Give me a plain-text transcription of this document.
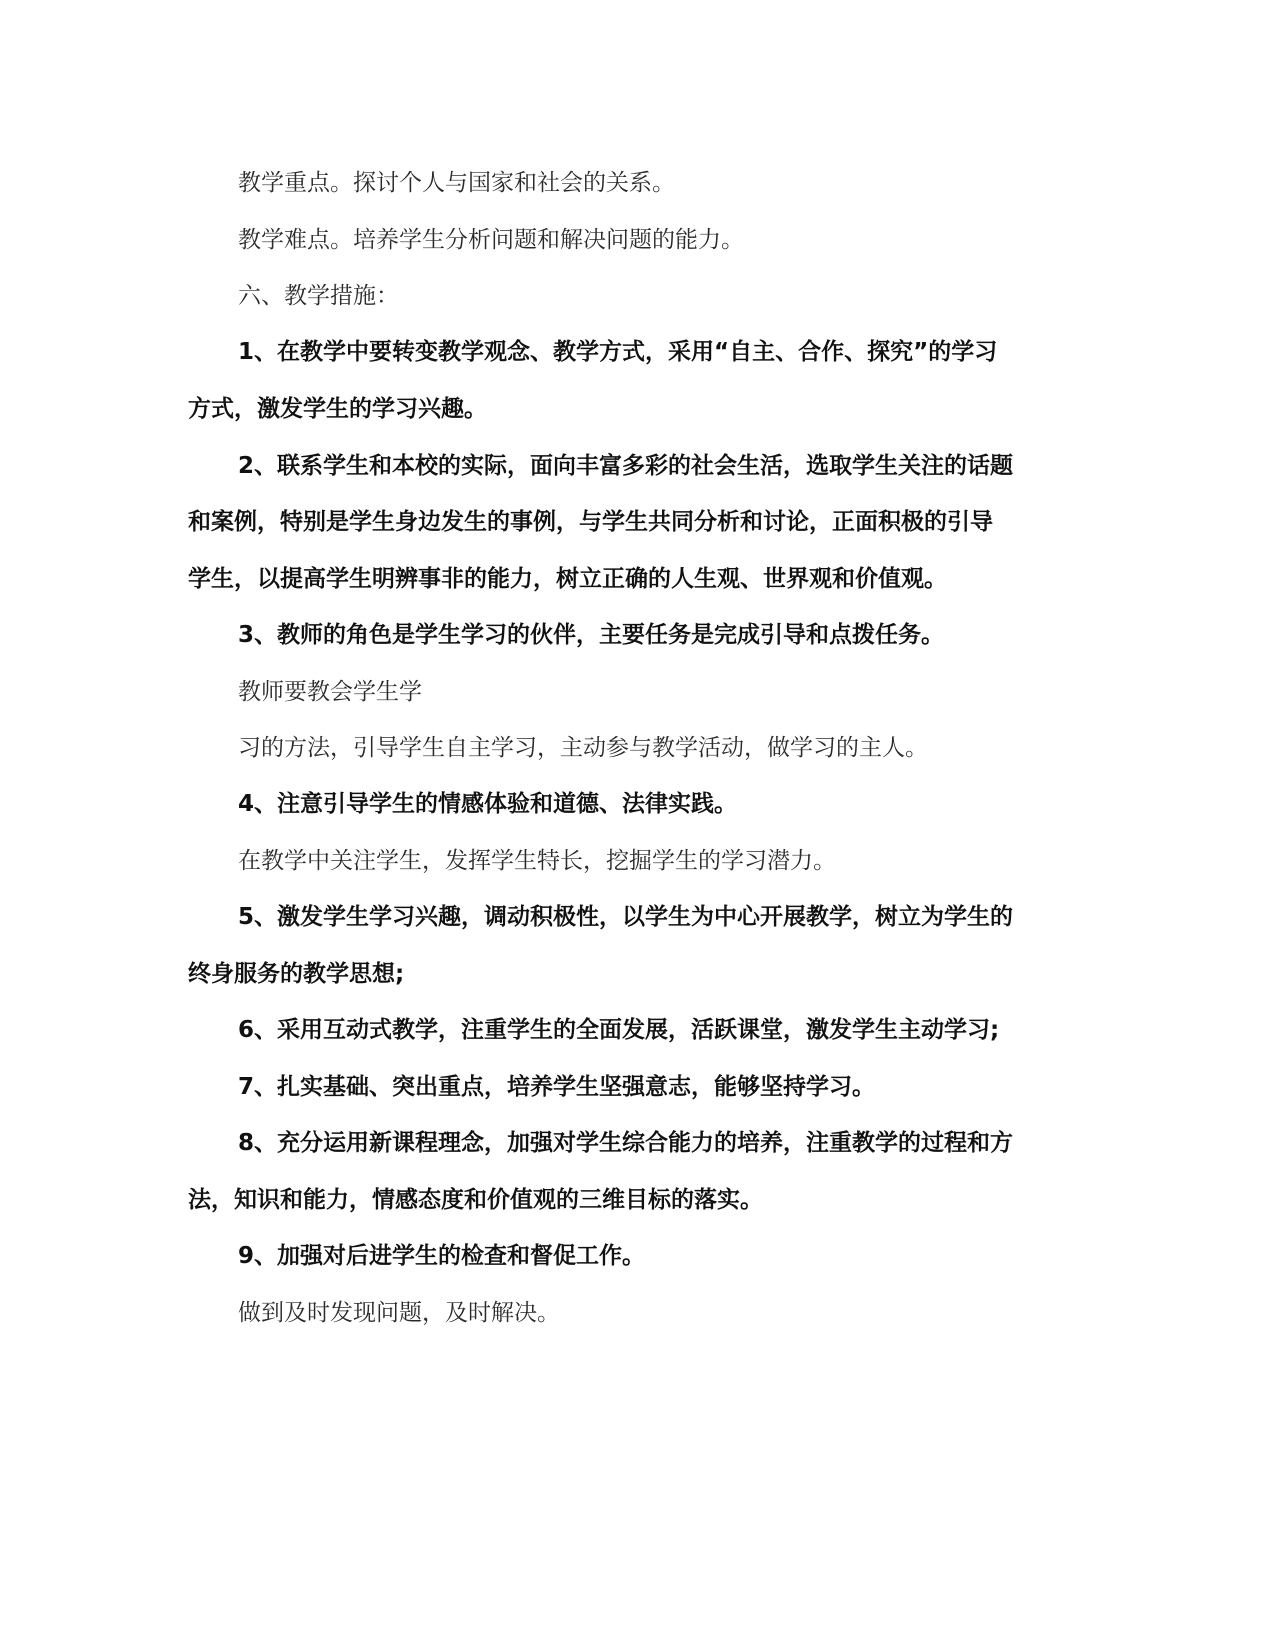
教学重点。探讨个人与国家和社会的关系。
教学难点。培养学生分析问题和解决问题的能力。
六、教学措施：
1、在教学中要转变教学观念、教学方式，采用“自主、合作、探究”的学习
方式，激发学生的学习兴趣。
2、联系学生和本校的实际，面向丰富多彩的社会生活，选取学生关注的话题
和案例，特别是学生身边发生的事例，与学生共同分析和讨论，正面积极的引导
学生，以提高学生明辨事非的能力，树立正确的人生观、世界观和价值观。
3、教师的角色是学生学习的伙伴，主要任务是完成引导和点拨任务。
教师要教会学生学
习的方法，引导学生自主学习，主动参与教学活动，做学习的主人。
4、注意引导学生的情感体验和道德、法律实践。
在教学中关注学生，发挥学生特长，挖掘学生的学习潜力。
5、激发学生学习兴趣，调动积极性，以学生为中心开展教学，树立为学生的
终身服务的教学思想;
6、采用互动式教学，注重学生的全面发展，活跃课堂，激发学生主动学习;
7、扎实基础、突出重点，培养学生坚强意志，能够坚持学习。
8、充分运用新课程理念，加强对学生综合能力的培养，注重教学的过程和方
法，知识和能力，情感态度和价值观的三维目标的落实。
9、加强对后进学生的检查和督促工作。
做到及时发现问题，及时解决。
